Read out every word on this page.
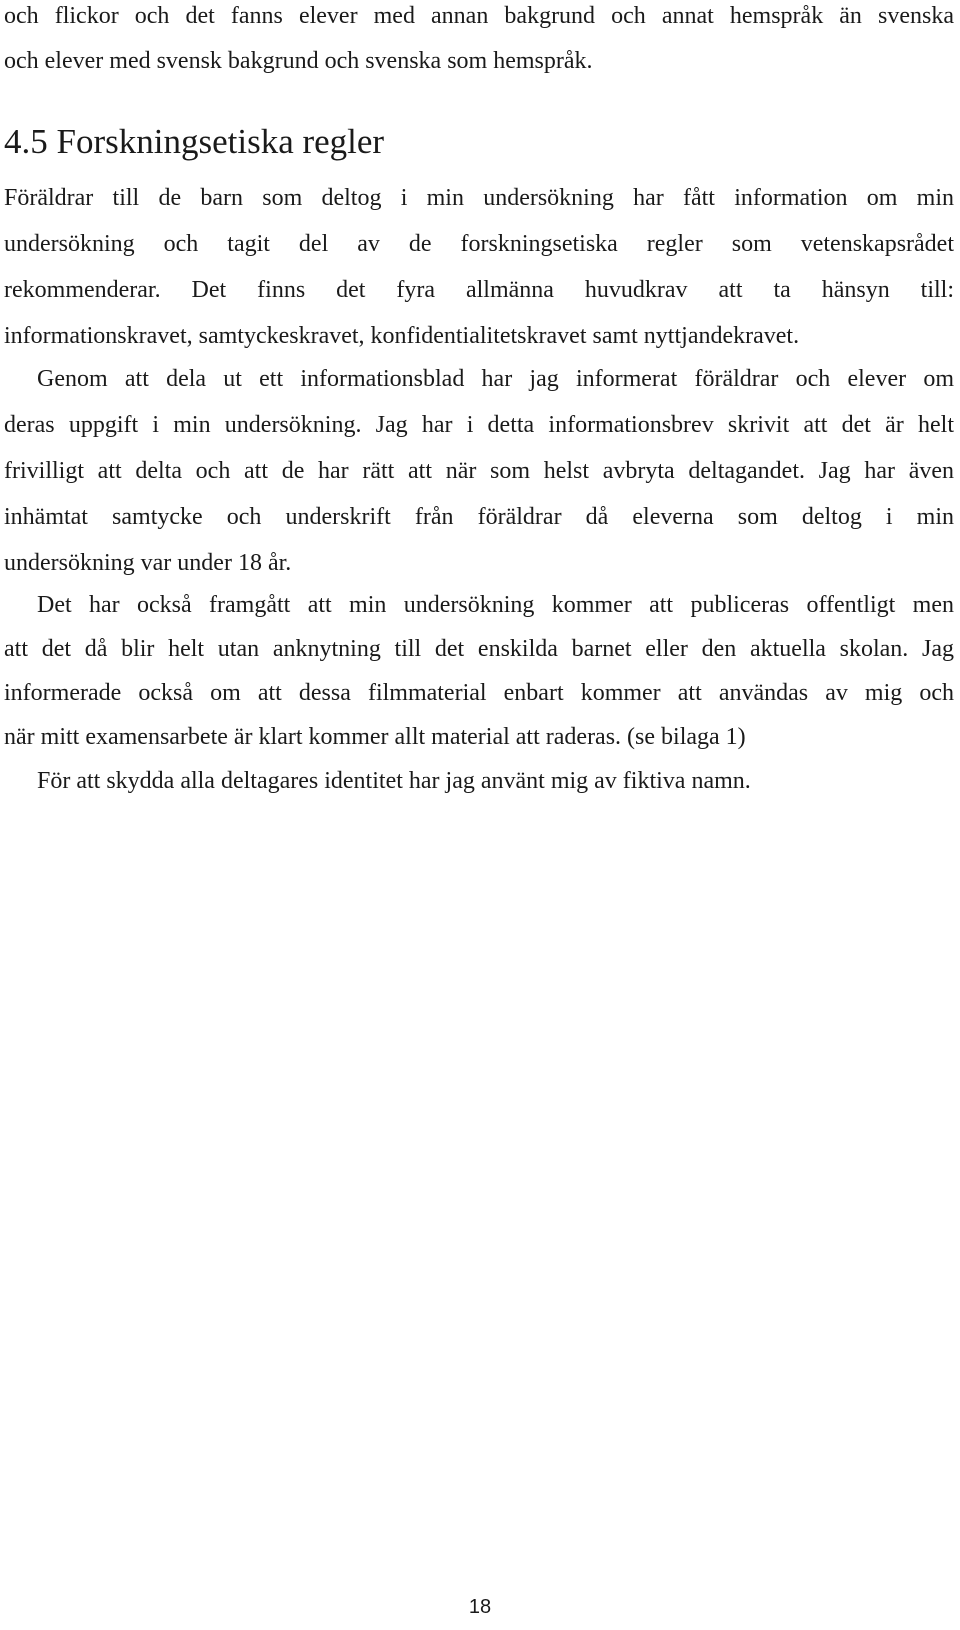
och flickor och det fanns elever med annan bakgrund och annat hemspråk än svenska
och elever med svensk bakgrund och svenska som hemspråk.
4.5 Forskningsetiska regler
Föräldrar till de barn som deltog i min undersökning har fått information om min
undersökning och tagit del av de forskningsetiska regler som vetenskapsrådet
rekommenderar. Det finns det fyra allmänna huvudkrav att ta hänsyn till:
informationskravet, samtyckeskravet, konfidentialitetskravet samt nyttjandekravet.
Genom att dela ut ett informationsblad har jag informerat föräldrar och elever om
deras uppgift i min undersökning. Jag har i detta informationsbrev skrivit att det är helt
frivilligt att delta och att de har rätt att när som helst avbryta deltagandet. Jag har även
inhämtat samtycke och underskrift från föräldrar då eleverna som deltog i min
undersökning var under 18 år.
Det har också framgått att min undersökning kommer att publiceras offentligt men
att det då blir helt utan anknytning till det enskilda barnet eller den aktuella skolan. Jag
informerade också om att dessa filmmaterial enbart kommer att användas av mig och
när mitt examensarbete är klart kommer allt material att raderas. (se bilaga 1)
För att skydda alla deltagares identitet har jag använt mig av fiktiva namn.
18
